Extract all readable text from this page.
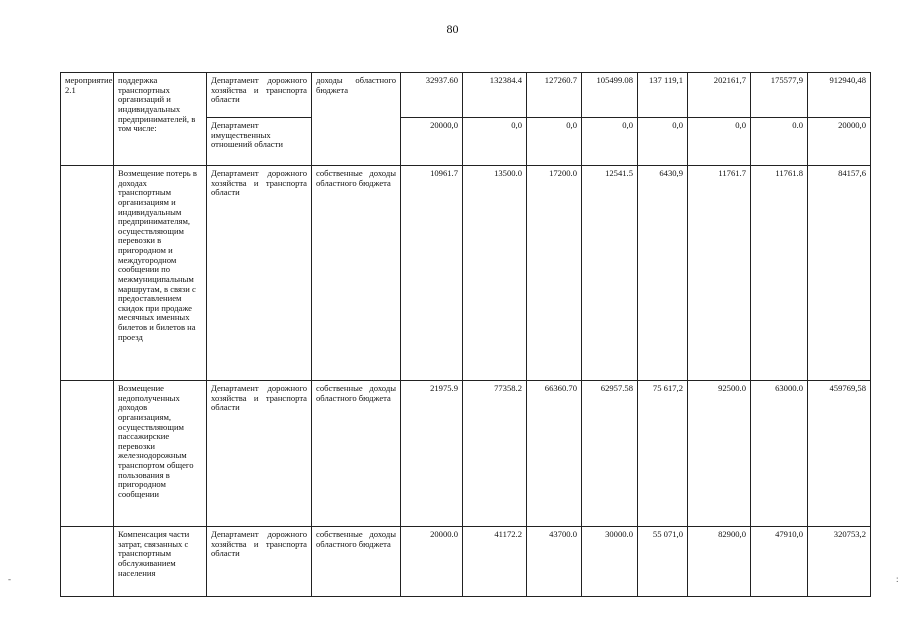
80
-	:
мероприятие 2.1	поддержка транспортных организаций и индивидуальных предпринимателей, в том числе:	Департамент дорожного хозяйства и транспорта области	доходы областного бюджета	32937.60	132384.4	127260.7	105499.08	137 119,1	202161,7	175577,9	912940,48
		Департамент имущественных отношений области		20000,0	0,0	0,0	0,0	0,0	0,0	0.0	20000,0
	Возмещение потерь в доходах транспортным организациям и индивидуальным предпринимателям, осуществляющим перевозки в пригородном и междугородном сообщении по межмуниципальным маршрутам, в связи с предоставлением скидок при продаже месячных именных билетов и билетов на проезд	Департамент дорожного хозяйства и транспорта области	собственные доходы областного бюджета	10961.7	13500.0	17200.0	12541.5	6430,9	11761.7	11761.8	84157,6
	Возмещение недополученных доходов организациям, осуществляющим пассажирские перевозки железнодорожным транспортом общего пользования в пригородном сообщении	Департамент дорожного хозяйства и транспорта области	собственные доходы областного бюджета	21975.9	77358.2	66360.70	62957.58	75 617,2	92500.0	63000.0	459769,58
	Компенсация части затрат, связанных с транспортным обслуживанием населения	Департамент дорожного хозяйства и транспорта области	собственные доходы областного бюджета	20000.0	41172.2	43700.0	30000.0	55 071,0	82900,0	47910,0	320753,2
